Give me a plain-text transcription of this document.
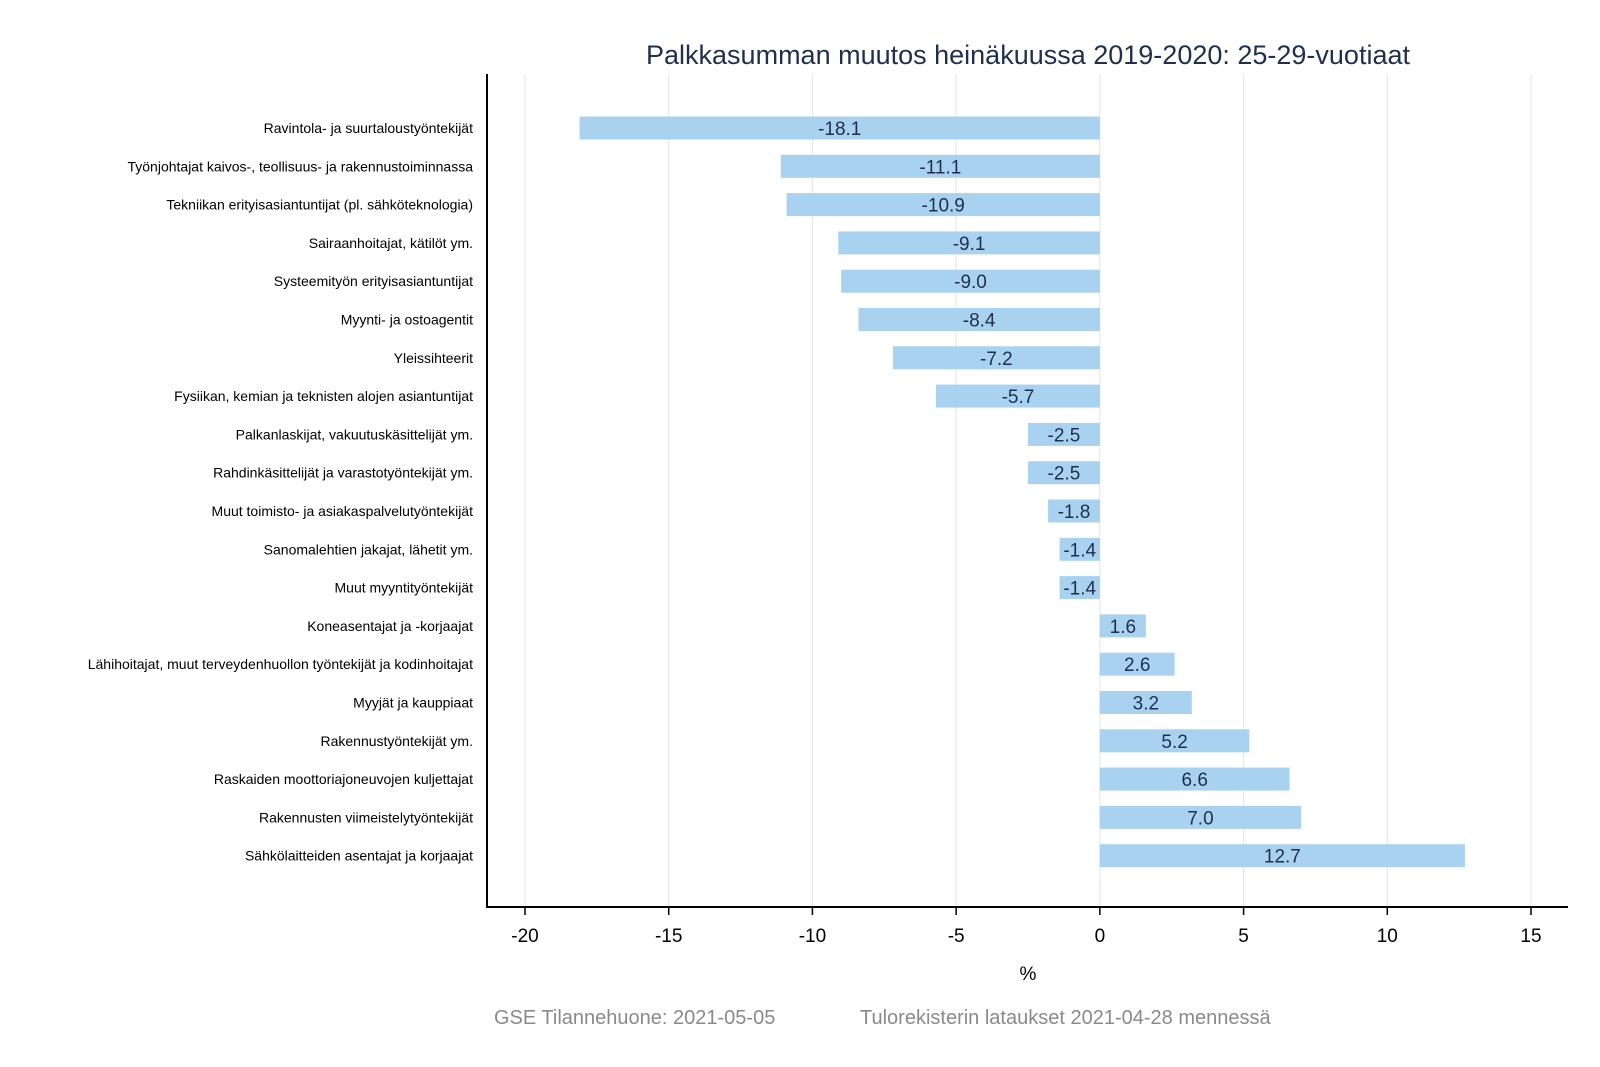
Palkkasumman muutos heinäkuussa 2019-2020: 25-29-vuotiaat
-18.1
-11.1
-10.9
-9.1
-9.0
-8.4
-7.2
-5.7
-2.5
-2.5
-1.8
-1.4
-1.4
1.6
2.6
3.2
5.2
6.6
7.0
12.7
Ravintola- ja suurtaloustyöntekijät
Työnjohtajat kaivos-, teollisuus- ja rakennustoiminnassa
Tekniikan erityisasiantuntijat (pl. sähköteknologia)
Sairaanhoitajat, kätilöt ym.
Systeemityön erityisasiantuntijat
Myynti- ja ostoagentit
Yleissihteerit
Fysiikan, kemian ja teknisten alojen asiantuntijat
Palkanlaskijat, vakuutuskäsittelijät ym.
Rahdinkäsittelijät ja varastotyöntekijät ym.
Muut toimisto- ja asiakaspalvelutyöntekijät
Sanomalehtien jakajat, lähetit ym.
Muut myyntityöntekijät
Koneasentajat ja -korjaajat
Lähihoitajat, muut terveydenhuollon työntekijät ja kodinhoitajat
Myyjät ja kauppiaat
Rakennustyöntekijät ym.
Raskaiden moottoriajoneuvojen kuljettajat
Rakennusten viimeistelytyöntekijät
Sähkölaitteiden asentajat ja korjaajat
-20	-15	-10	-5	0	5	10	15
%
GSE Tilannehuone: 2021-05-05	Tulorekisterin lataukset 2021-04-28 mennessä
